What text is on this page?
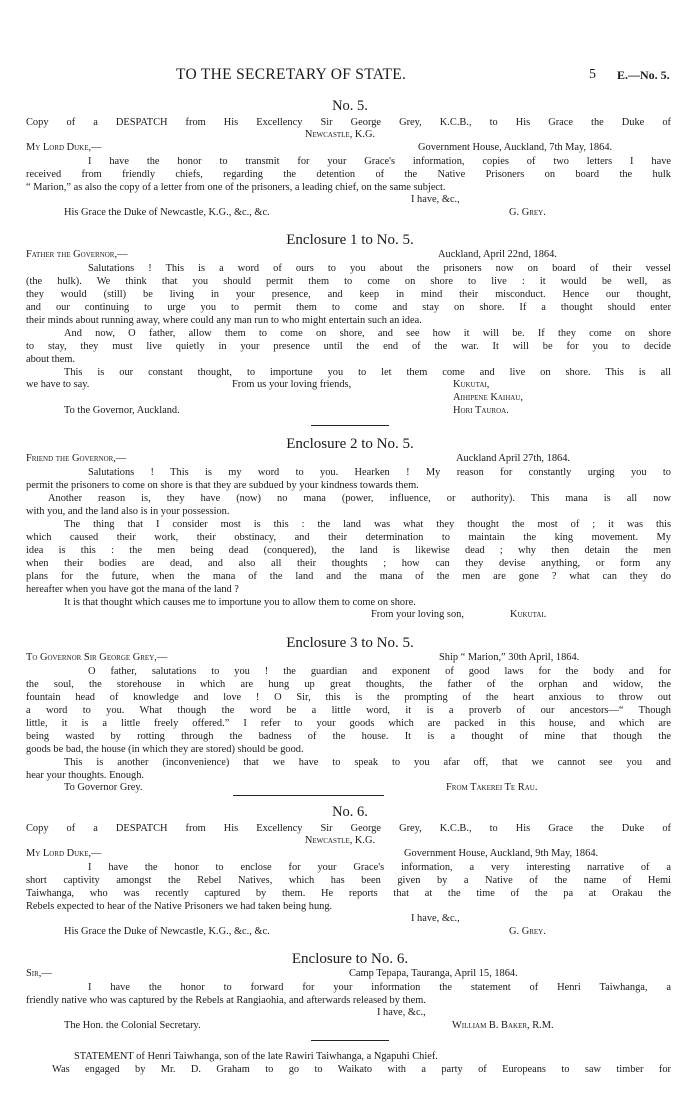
TO THE SECRETARY OF STATE.	5 E.—No. 5.
No. 5.
Copy of a DESPATCH from His Excellency Sir George Grey, K.C.B., to His Grace the Duke of
Newcastle, K.G.
My Lord Duke,—	Government House, Auckland, 7th May, 1864.
I have the honor to transmit for your Grace's information, copies of two letters I have
received from friendly chiefs, regarding the detention of the Native Prisoners on board the hulk
“ Marion,” as also the copy of a letter from one of the prisoners, a leading chief, on the same subject.
I have, &c.,
His Grace the Duke of Newcastle, K.G., &c., &c.	G. Grey.
Enclosure 1 to No. 5.
Father the Governor,—	Auckland, April 22nd, 1864.
Salutations ! This is a word of ours to you about the prisoners now on board of their vessel
(the hulk). We think that you should permit them to come on shore to live : it would be well, as
they would (still) be living in your presence, and keep in mind their misconduct. Hence our thought,
and our continuing to urge you to permit them to come and stay on shore. If a thought should enter
their minds about running away, where could any man run to who might entertain such an idea.
And now, O father, allow them to come on shore, and see how it will be. If they come on shore
to stay, they must live quietly in your presence until the end of the war. It will be for you to decide
about them.
This is our constant thought, to importune you to let them come and live on shore. This is all
we have to say.	From us your loving friends,	Kukutai,
Aihipene Kaihau,
To the Governor, Auckland.	Hori Tauroa.
Enclosure 2 to No. 5.
Friend the Governor,—	Auckland April 27th, 1864.
Salutations ! This is my word to you. Hearken ! My reason for constantly urging you to
permit the prisoners to come on shore is that they are subdued by your kindness towards them.
Another reason is, they have (now) no mana (power, influence, or authority). This mana is all now
with you, and the land also is in your possession.
The thing that I consider most is this : the land was what they thought the most of ; it was this
which caused their work, their obstinacy, and their determination to maintain the king movement. My
idea is this : the men being dead (conquered), the land is likewise dead ; why then detain the men
when their bodies are dead, and also all their thoughts ; how can they devise anything, or form any
plans for the future, when the mana of the land and the mana of the men are gone ? what can they do
hereafter when you have got the mana of the land ?
It is that thought which causes me to importune you to allow them to come on shore.
From your loving son,	Kukutai.
Enclosure 3 to No. 5.
To Governor Sir George Grey,—	Ship “ Marion,” 30th April, 1864.
O father, salutations to you ! the guardian and exponent of good laws for the body and for
the soul, the storehouse in which are hung up great thoughts, the father of the orphan and widow, the
fountain head of knowledge and love ! O Sir, this is the prompting of the heart anxious to throw out
a word to you. What though the word be a little word, it is a proverb of our ancestors—“ Though
little, it is a little freely offered.” I refer to your goods which are packed in this house, and which are
being wasted by rotting through the badness of the house. It is a thought of mine that though the
goods be bad, the house (in which they are stored) should be good.
This is another (inconvenience) that we have to speak to you afar off, that we cannot see you and
hear your thoughts. Enough.
To Governor Grey.	From Takerei Te Rau.
No. 6.
Copy of a DESPATCH from His Excellency Sir George Grey, K.C.B., to His Grace the Duke of
Newcastle, K.G.
My Lord Duke,—	Government House, Auckland, 9th May, 1864.
I have the honor to enclose for your Grace's information, a very interesting narrative of a
short captivity amongst the Rebel Natives, which has been given by a Native of the name of Hemi
Taiwhanga, who was recently captured by them. He reports that at the time of the pa at Orakau the
Rebels expected to hear of the Native Prisoners we had taken being hung.
I have, &c.,
His Grace the Duke of Newcastle, K.G., &c., &c.	G. Grey.
Enclosure to No. 6.
Sir,—	Camp Tepapa, Tauranga, April 15, 1864.
I have the honor to forward for your information the statement of Henri Taiwhanga, a
friendly native who was captured by the Rebels at Rangiaohia, and afterwards released by them.
I have, &c.,
The Hon. the Colonial Secretary.	William B. Baker, R.M.
STATEMENT of Henri Taiwhanga, son of the late Rawiri Taiwhanga, a Ngapuhi Chief.
Was engaged by Mr. D. Graham to go to Waikato with a party of Europeans to saw timber for
